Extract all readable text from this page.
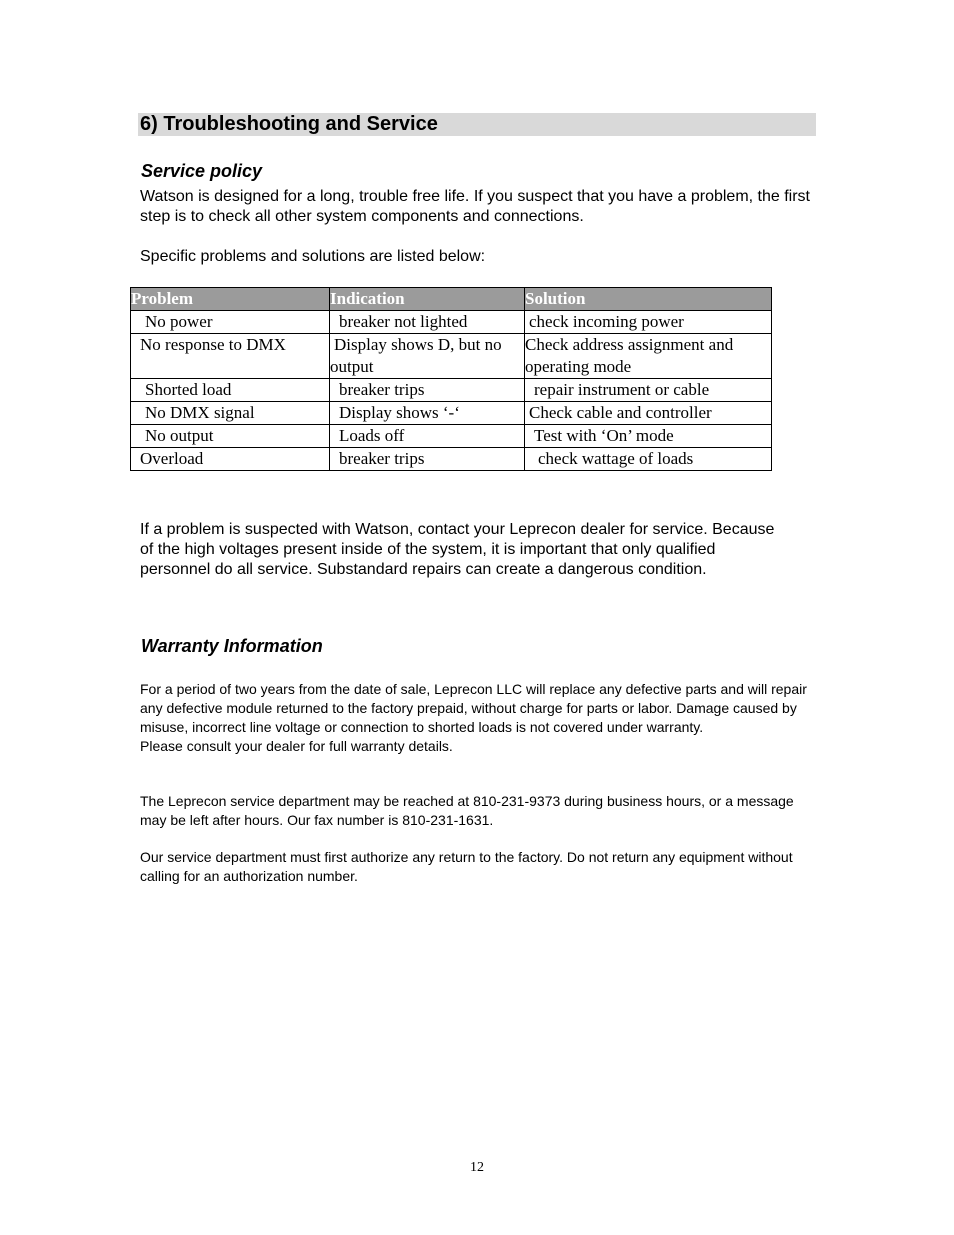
6) Troubleshooting and Service
Service policy
Watson is designed for a long, trouble free life. If you suspect that you have a problem, the first step is to check all other system components and connections.
Specific problems and solutions are listed below:
Problem	Indication	Solution
No power	breaker not lighted	check incoming power
No response to DMX	Display shows D, but no output	Check address assignment and operating mode
Shorted load	breaker trips	repair instrument or cable
No DMX signal	Display shows ‘-‘	Check cable and controller
No output	Loads off	Test with ‘On’ mode
Overload	breaker trips	check wattage of loads
If a problem is suspected with Watson, contact your Leprecon dealer for service. Because of the high voltages present inside of the system, it is important that only qualified personnel do all service. Substandard repairs can create a dangerous condition.
Warranty Information

For a period of two years from the date of sale, Leprecon LLC will replace any defective parts and will repair any defective module returned to the factory prepaid, without charge for parts or labor. Damage caused by misuse, incorrect line voltage or connection to shorted loads is not covered under warranty.

Please consult your dealer for full warranty details.

The Leprecon service department may be reached at 810-231-9373 during business hours, or a message may be left after hours. Our fax number is 810-231-1631.
Our service department must first authorize any return to the factory. Do not return any equipment without calling for an authorization number.
12
